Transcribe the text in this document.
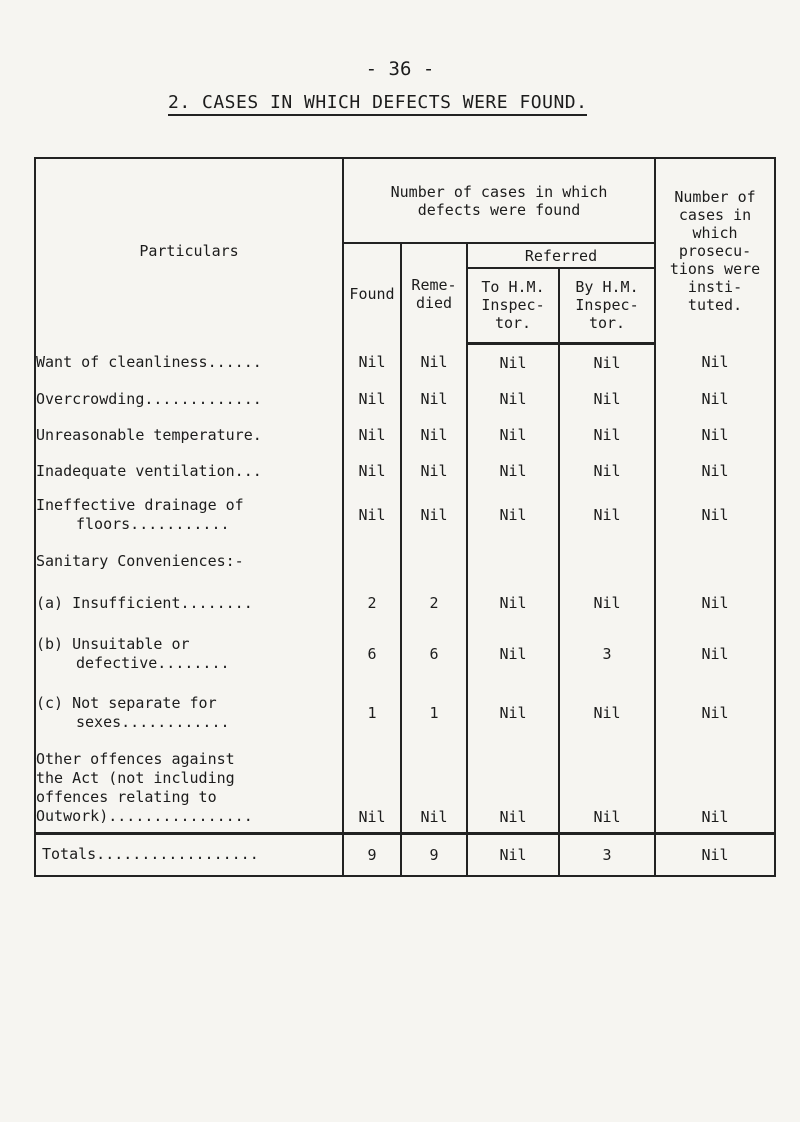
- 36 -
2. CASES IN WHICH DEFECTS WERE FOUND.
Particulars	Number of cases in which defects were found				Number of cases in which prosecu- tions were insti- tuted.
	Found	Reme- died	Referred		
			To H.M. Inspec- tor.	By H.M. Inspec- tor.	
Want of cleanliness......	Nil	Nil	Nil	Nil	Nil
Overcrowding.............	Nil	Nil	Nil	Nil	Nil
Unreasonable temperature.	Nil	Nil	Nil	Nil	Nil
Inadequate ventilation...	Nil	Nil	Nil	Nil	Nil
Ineffective drainage of
floors...........	Nil	Nil	Nil	Nil	Nil
Sanitary Conveniences:-					
(a) Insufficient........	2	2	Nil	Nil	Nil
(b) Unsuitable or
defective........	6	6	Nil	3	Nil
(c) Not separate for
sexes............	1	1	Nil	Nil	Nil

Other offences against
the Act (not including
offences relating to
Outwork)................	Nil	Nil	Nil	Nil	Nil
Totals..................	9	9	Nil	3	Nil
